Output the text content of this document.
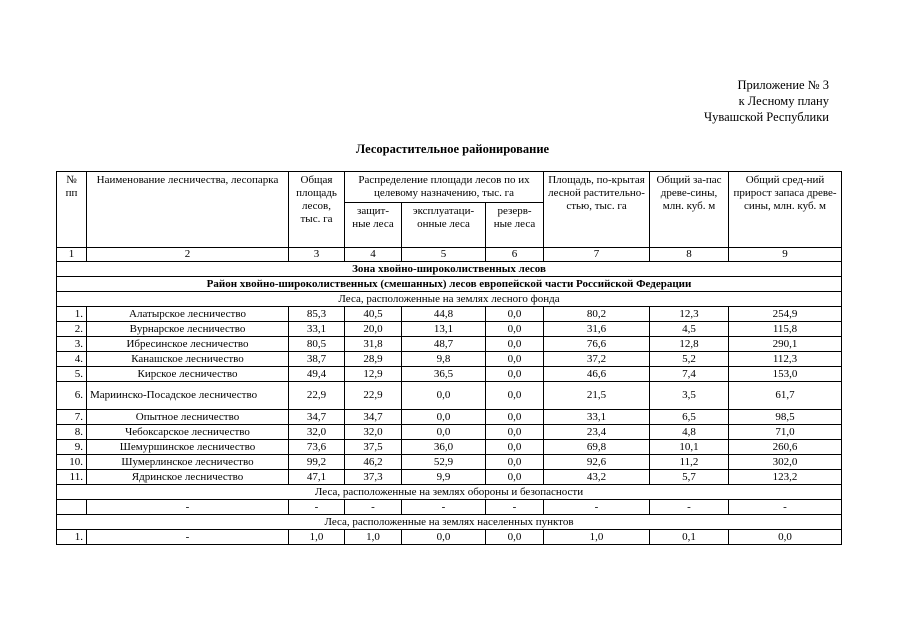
Приложение № 3
к Лесному плану
Чувашской Республики
Лесорастительное районирование
№ пп	Наименование лесничества, лесопарка	Общая площадь лесов, тыс. га	Распределение площади лесов по их целевому назначению, тыс. га			Площадь, по-крытая лесной растительно-стью, тыс. га	Общий за-пас древе-сины, млн. куб. м	Общий сред-ний прирост запаса древе-сины, млн. куб. м
			защит-ные леса	эксплуатаци-онные леса	резерв-ные леса			
1	2	3	4	5	6	7	8	9
Зона хвойно-широколиственных лесов								
Район хвойно-широколиственных (смешанных) лесов европейской части Российской Федерации								
Леса, расположенные на землях лесного фонда								
1.	Алатырское лесничество	85,3	40,5	44,8	0,0	80,2	12,3	254,9
2.	Вурнарское лесничество	33,1	20,0	13,1	0,0	31,6	4,5	115,8
3.	Ибресинское лесничество	80,5	31,8	48,7	0,0	76,6	12,8	290,1
4.	Канашское лесничество	38,7	28,9	9,8	0,0	37,2	5,2	112,3
5.	Кирское лесничество	49,4	12,9	36,5	0,0	46,6	7,4	153,0
6.	Мариинско-Посадское лесничество	22,9	22,9	0,0	0,0	21,5	3,5	61,7
7.	Опытное лесничество	34,7	34,7	0,0	0,0	33,1	6,5	98,5
8.	Чебоксарское лесничество	32,0	32,0	0,0	0,0	23,4	4,8	71,0
9.	Шемуршинское лесничество	73,6	37,5	36,0	0,0	69,8	10,1	260,6
10.	Шумерлинское лесничество	99,2	46,2	52,9	0,0	92,6	11,2	302,0
11.	Ядринское лесничество	47,1	37,3	9,9	0,0	43,2	5,7	123,2
Леса, расположенные на землях обороны и безопасности								
	-	-	-	-	-	-	-	-
Леса, расположенные на землях населенных пунктов								
1.	-	1,0	1,0	0,0	0,0	1,0	0,1	0,0
